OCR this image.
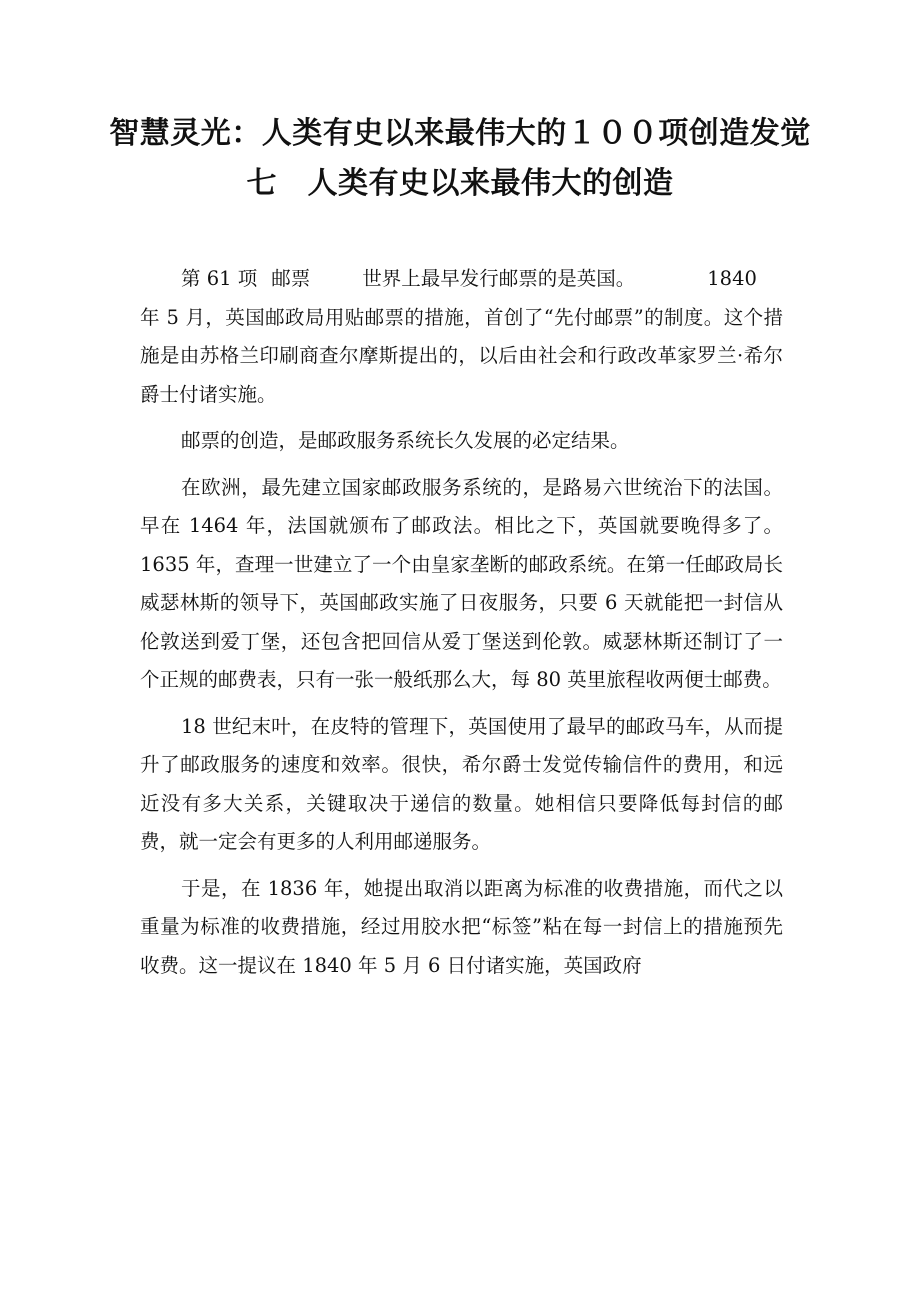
智慧灵光：人类有史以来最伟大的１００项创造发觉
七　人类有史以来最伟大的创造

第 61 项 邮票	世界上最早发行邮票的是英国。	1840

年 5 月，英国邮政局用贴邮票的措施，首创了“先付邮票”的制度。这个措施是由苏格兰印刷商查尔摩斯提出的，以后由社会和行政改革家罗兰·希尔爵士付诸实施。

邮票的创造，是邮政服务系统长久发展的必定结果。

在欧洲，最先建立国家邮政服务系统的，是路易六世统治下的法国。早在 1464 年，法国就颁布了邮政法。相比之下，英国就要晚得多了。1635 年，查理一世建立了一个由皇家垄断的邮政系统。在第一任邮政局长威瑟林斯的领导下，英国邮政实施了日夜服务，只要 6 天就能把一封信从伦敦送到爱丁堡，还包含把回信从爱丁堡送到伦敦。威瑟林斯还制订了一个正规的邮费表，只有一张一般纸那么大，每 80 英里旅程收两便士邮费。

18 世纪末叶，在皮特的管理下，英国使用了最早的邮政马车，从而提升了邮政服务的速度和效率。很快，希尔爵士发觉传输信件的费用，和远近没有多大关系，关键取决于递信的数量。她相信只要降低每封信的邮费，就一定会有更多的人利用邮递服务。

于是，在 1836 年，她提出取消以距离为标准的收费措施，而代之以重量为标准的收费措施，经过用胶水把“标签”粘在每一封信上的措施预先收费。这一提议在 1840 年 5 月 6 日付诸实施，英国政府
